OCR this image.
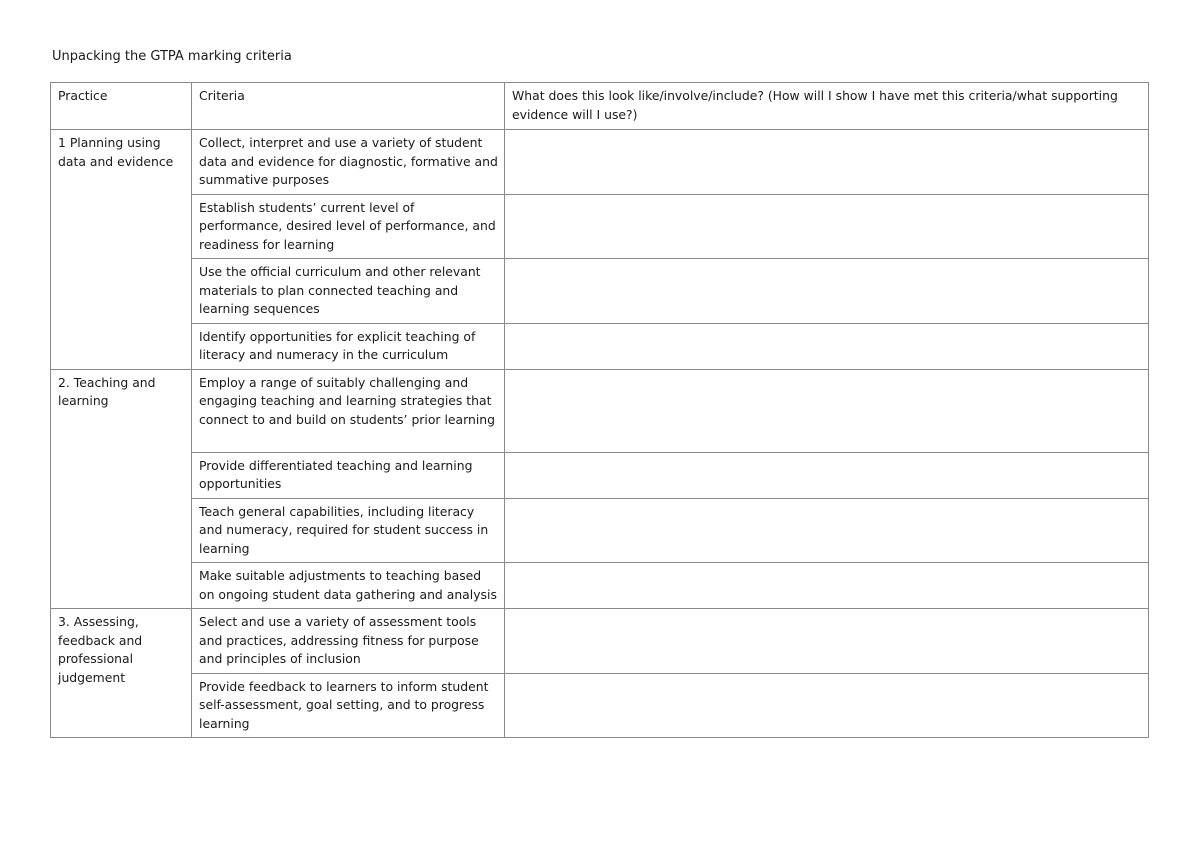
Unpacking the GTPA marking criteria
Practice	Criteria	What does this look like/involve/include? (How will I show I have met this criteria/what supporting evidence will I use?)
1 Planning using data and evidence	Collect, interpret and use a variety of student data and evidence for diagnostic, formative and summative purposes	
	Establish students’ current level of performance, desired level of performance, and readiness for learning	
	Use the official curriculum and other relevant materials to plan connected teaching and learning sequences	
	Identify opportunities for explicit teaching of literacy and numeracy in the curriculum	
2. Teaching and learning	Employ a range of suitably challenging and engaging teaching and learning strategies that connect to and build on students’ prior learning	
	Provide differentiated teaching and learning opportunities	
	Teach general capabilities, including literacy and numeracy, required for student success in learning	
	Make suitable adjustments to teaching based on ongoing student data gathering and analysis	
3. Assessing, feedback and professional judgement	Select and use a variety of assessment tools and practices, addressing fitness for purpose and principles of inclusion	
	Provide feedback to learners to inform student self-assessment, goal setting, and to progress learning	
